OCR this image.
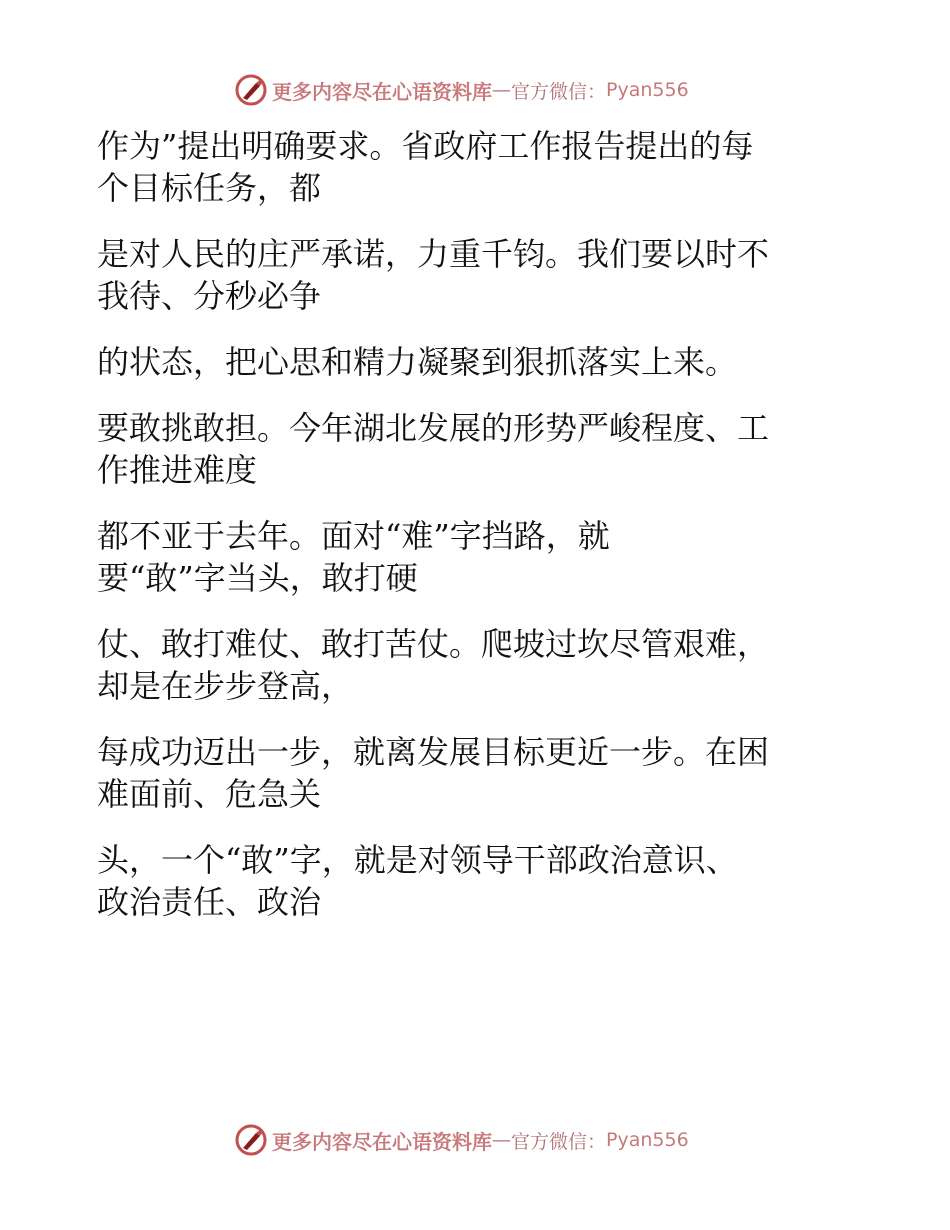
更多内容尽在心语资料库 — 官方微信： Pyan556
作为”提出明确要求。省政府工作报告提出的每
个目标任务，都
是对人民的庄严承诺，力重千钧。我们要以时不
我待、分秒必争
的状态，把心思和精力凝聚到狠抓落实上来。
要敢挑敢担。今年湖北发展的形势严峻程度、工
作推进难度
都不亚于去年。面对“难”字挡路，就
要“敢”字当头，敢打硬
仗、敢打难仗、敢打苦仗。爬坡过坎尽管艰难，
却是在步步登高，
每成功迈出一步，就离发展目标更近一步。在困
难面前、危急关
头，一个“敢”字，就是对领导干部政治意识、
政治责任、政治
更多内容尽在心语资料库 — 官方微信： Pyan556
